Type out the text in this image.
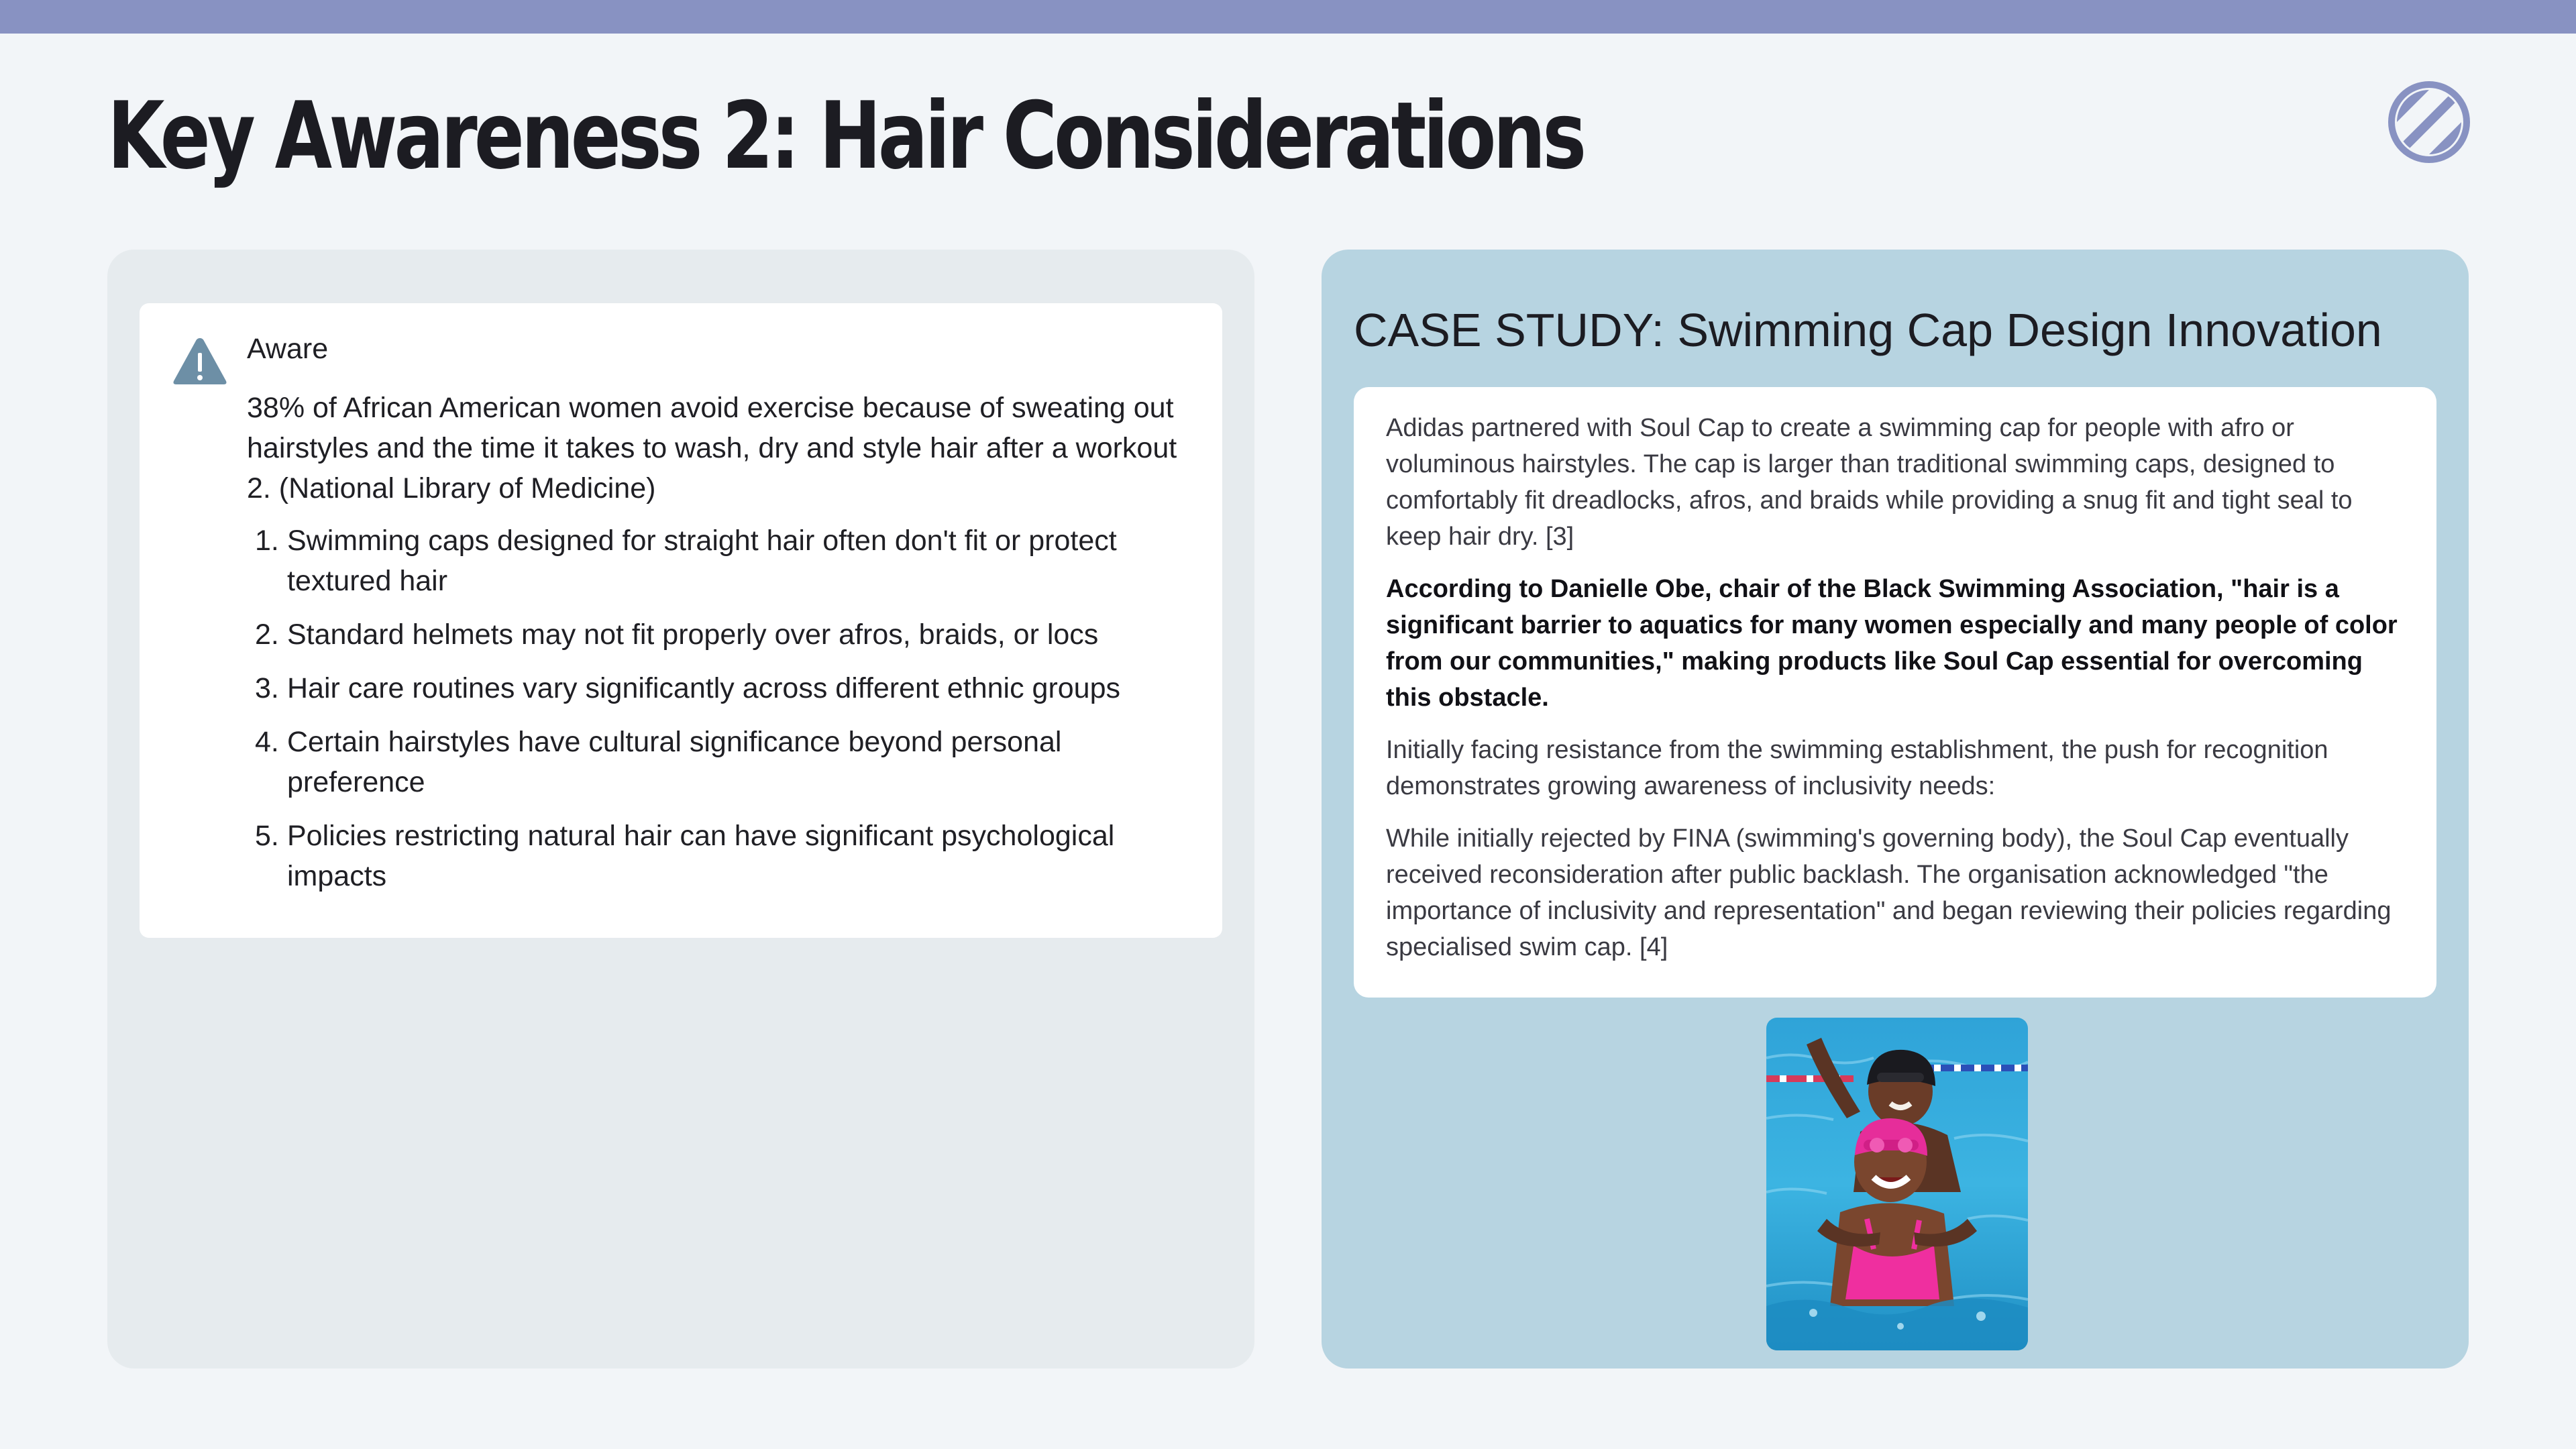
Key Awareness 2: Hair Considerations
Aware

38% of African American women avoid exercise because of sweating out hairstyles and the time it takes to wash, dry and style hair after a workout 2. (National Library of Medicine)

1. Swimming caps designed for straight hair often don't fit or protect textured hair
2. Standard helmets may not fit properly over afros, braids, or locs
3. Hair care routines vary significantly across different ethnic groups
4. Certain hairstyles have cultural significance beyond personal preference
5. Policies restricting natural hair can have significant psychological impacts
CASE STUDY: Swimming Cap Design Innovation

Adidas partnered with Soul Cap to create a swimming cap for people with afro or voluminous hairstyles. The cap is larger than traditional swimming caps, designed to comfortably fit dreadlocks, afros, and braids while providing a snug fit and tight seal to keep hair dry. [3]

According to Danielle Obe, chair of the Black Swimming Association, "hair is a significant barrier to aquatics for many women especially and many people of color from our communities," making products like Soul Cap essential for overcoming this obstacle.

Initially facing resistance from the swimming establishment, the push for recognition demonstrates growing awareness of inclusivity needs:

While initially rejected by FINA (swimming's governing body), the Soul Cap eventually received reconsideration after public backlash. The organisation acknowledged "the importance of inclusivity and representation" and began reviewing their policies regarding specialised swim cap. [4]
